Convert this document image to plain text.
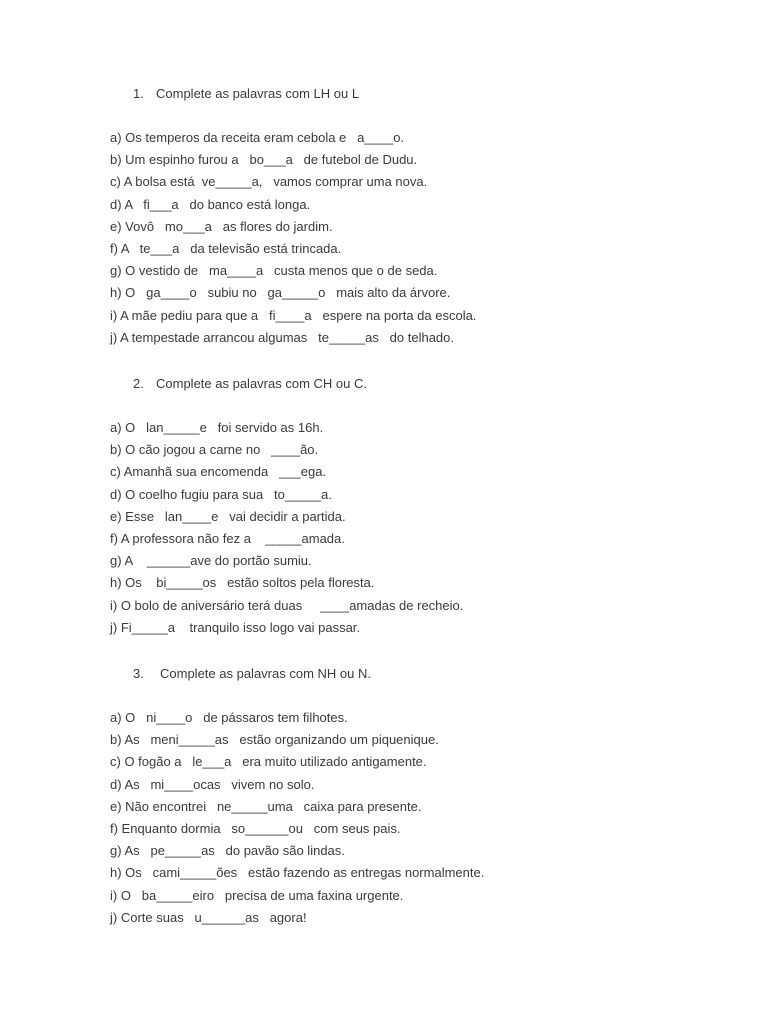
1. Complete as palavras com LH ou L
a) Os temperos da receita eram cebola e   a____o.
b) Um espinho furou a   bo___a   de futebol de Dudu.
c) A bolsa está  ve_____a,   vamos comprar uma nova.
d) A   fi___a   do banco está longa.
e) Vovô   mo___a   as flores do jardim.
f) A   te___a   da televisão está trincada.
g) O vestido de   ma____a   custa menos que o de seda.
h) O   ga____o   subiu no   ga_____o   mais alto da árvore.
i) A mãe pediu para que a   fi____a   espere na porta da escola.
j) A tempestade arrancou algumas   te_____as   do telhado.
2. Complete as palavras com CH ou C.
a) O   lan_____e   foi servido as 16h.
b) O cão jogou a carne no   ____ão.
c) Amanhã sua encomenda   ___ega.
d) O coelho fugiu para sua   to_____a.
e) Esse   lan____e   vai decidir a partida.
f) A professora não fez a    _____amada.
g) A    ______ave do portão sumiu.
h) Os    bi_____os   estão soltos pela floresta.
i) O bolo de aniversário terá duas     ____amadas de recheio.
j) Fi_____a    tranquilo isso logo vai passar.
3. Complete as palavras com NH ou N.
a) O   ni____o   de pássaros tem filhotes.
b) As   meni_____as   estão organizando um piquenique.
c) O fogão a   le___a   era muito utilizado antigamente.
d) As   mi____ocas   vivem no solo.
e) Não encontrei   ne_____uma   caixa para presente.
f) Enquanto dormia   so______ou   com seus pais.
g) As   pe_____as   do pavão são lindas.
h) Os   cami_____ões   estão fazendo as entregas normalmente.
i) O   ba_____eiro   precisa de uma faxina urgente.
j) Corte suas   u______as   agora!
